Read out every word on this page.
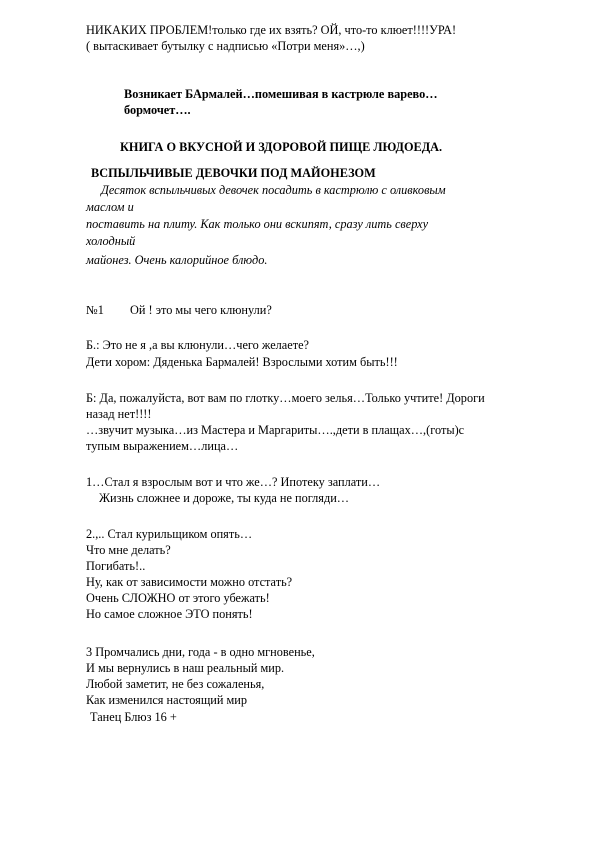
НИКАКИХ ПРОБЛЕМ!только где их взять? ОЙ, что-то клюет!!!!УРА!
( вытаскивает бутылку с надписью «Потри меня»…,)
Возникает БАрмалей…помешивая в кастрюле варево…
бормочет….
КНИГА О ВКУСНОЙ И ЗДОРОВОЙ ПИЩЕ ЛЮДОЕДА.
ВСПЫЛЬЧИВЫЕ ДЕВОЧКИ ПОД МАЙОНЕЗОМ
Десяток вспыльчивых девочек посадить в кастрюлю с оливковым
маслом и
поставить на плиту. Как только они вскипят, сразу лить сверху
холодный
майонез. Очень калорийное блюдо.
№1 Ой ! это мы чего клюнули?
Б.: Это не я ,а вы клюнули…чего желаете?
Дети хором: Дяденька Бармалей! Взрослыми хотим быть!!!
Б: Да, пожалуйста, вот вам по глотку…моего зелья…Только учтите! Дороги
назад нет!!!!
…звучит музыка…из Мастера и Маргариты….,дети в плащах…,(готы)с
тупым выражением…лица…
1…Стал я взрослым вот и что же…? Ипотеку заплати…
Жизнь сложнее и дороже, ты куда не погляди…
2.,.. Стал курильщиком опять…
Что мне делать?
Погибать!..
Ну, как от зависимости можно отстать?
Очень СЛОЖНО от этого убежать!
Но самое сложное ЭТО понять!
3 Промчались дни, года - в одно мгновенье,
И мы вернулись в наш реальный мир.
Любой заметит, не без сожаленья,
Как изменился настоящий мир
Танец Блюз 16 +
